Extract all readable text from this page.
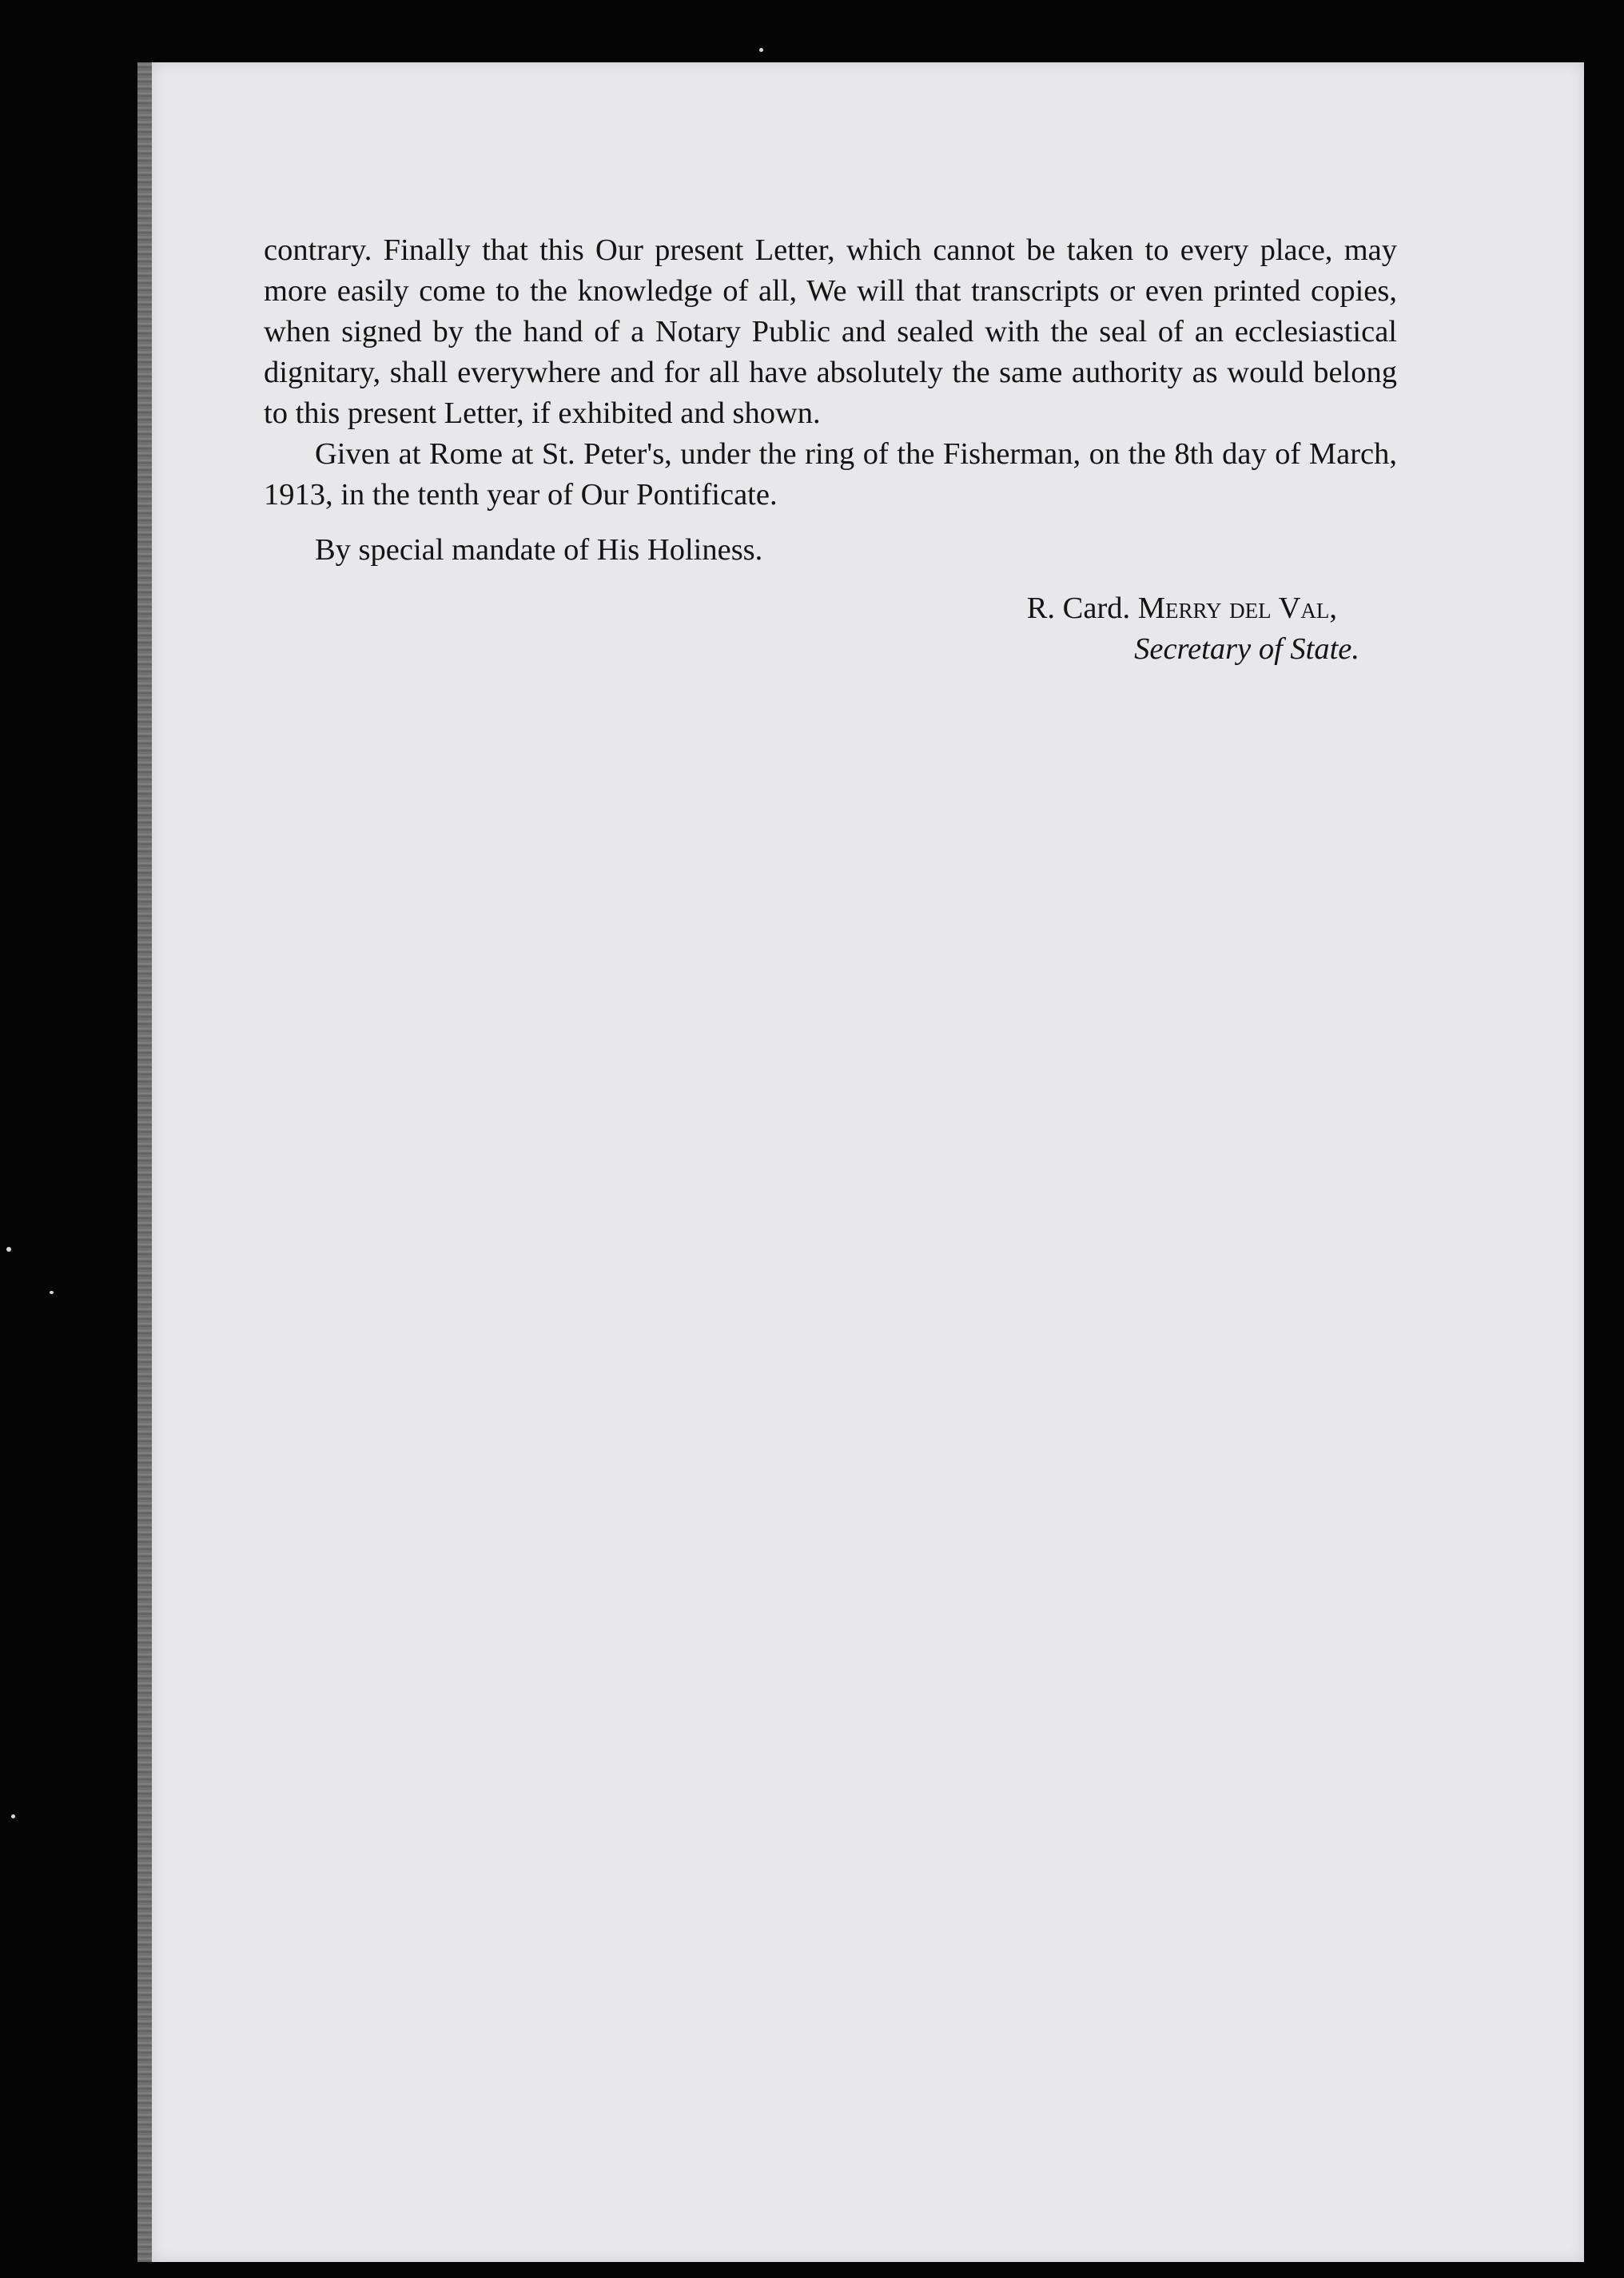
contrary. Finally that this Our present Letter, which cannot be taken to every place, may more easily come to the knowledge of all, We will that transcripts or even printed copies, when signed by the hand of a Notary Public and sealed with the seal of an ecclesiastical dignitary, shall everywhere and for all have absolutely the same authority as would belong to this present Letter, if exhibited and shown.

Given at Rome at St. Peter's, under the ring of the Fisherman, on the 8th day of March, 1913, in the tenth year of Our Pontificate.

By special mandate of His Holiness.

R. Card. Merry del Val,
Secretary of State.
